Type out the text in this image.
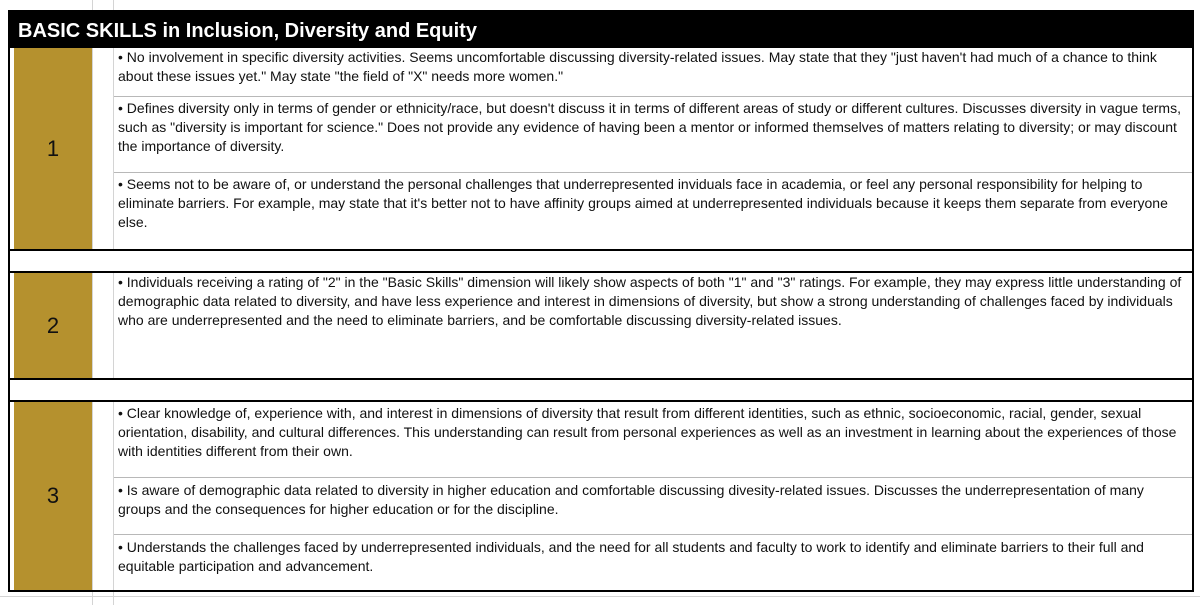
BASIC SKILLS in Inclusion, Diversity and Equity
1
• No involvement in specific diversity activities. Seems uncomfortable discussing diversity-related issues. May state that they "just haven't had much of a chance to think about these issues yet." May state "the field of "X" needs more women."
• Defines diversity only in terms of gender or ethnicity/race, but doesn't discuss it in terms of different areas of study or different cultures. Discusses diversity in vague terms, such as "diversity is important for science." Does not provide any evidence of having been a mentor or informed themselves of matters relating to diversity; or may discount the importance of diversity.
• Seems not to be aware of, or understand the personal challenges that underrepresented inviduals face in academia, or feel any personal responsibility for helping to eliminate barriers. For example, may state that it's better not to have affinity groups aimed at underrepresented individuals because it keeps them separate from everyone else.
2
• Individuals receiving a rating of "2" in the "Basic Skills" dimension will likely show aspects of both "1" and "3" ratings. For example, they may express little understanding of demographic data related to diversity, and have less experience and interest in dimensions of diversity, but show a strong understanding of challenges faced by individuals who are underrepresented and the need to eliminate barriers, and be comfortable discussing diversity-related issues.
3
• Clear knowledge of, experience with, and interest in dimensions of diversity that result from different identities, such as ethnic, socioeconomic, racial, gender, sexual orientation, disability, and cultural differences. This understanding can result from personal experiences as well as an investment in learning about the experiences of those with identities different from their own.
• Is aware of demographic data related to diversity in higher education and comfortable discussing divesity-related issues. Discusses the underrepresentation of many groups and the consequences for higher education or for the discipline.
• Understands the challenges faced by underrepresented individuals, and the need for all students and faculty to work to identify and eliminate barriers to their full and equitable participation and advancement.
